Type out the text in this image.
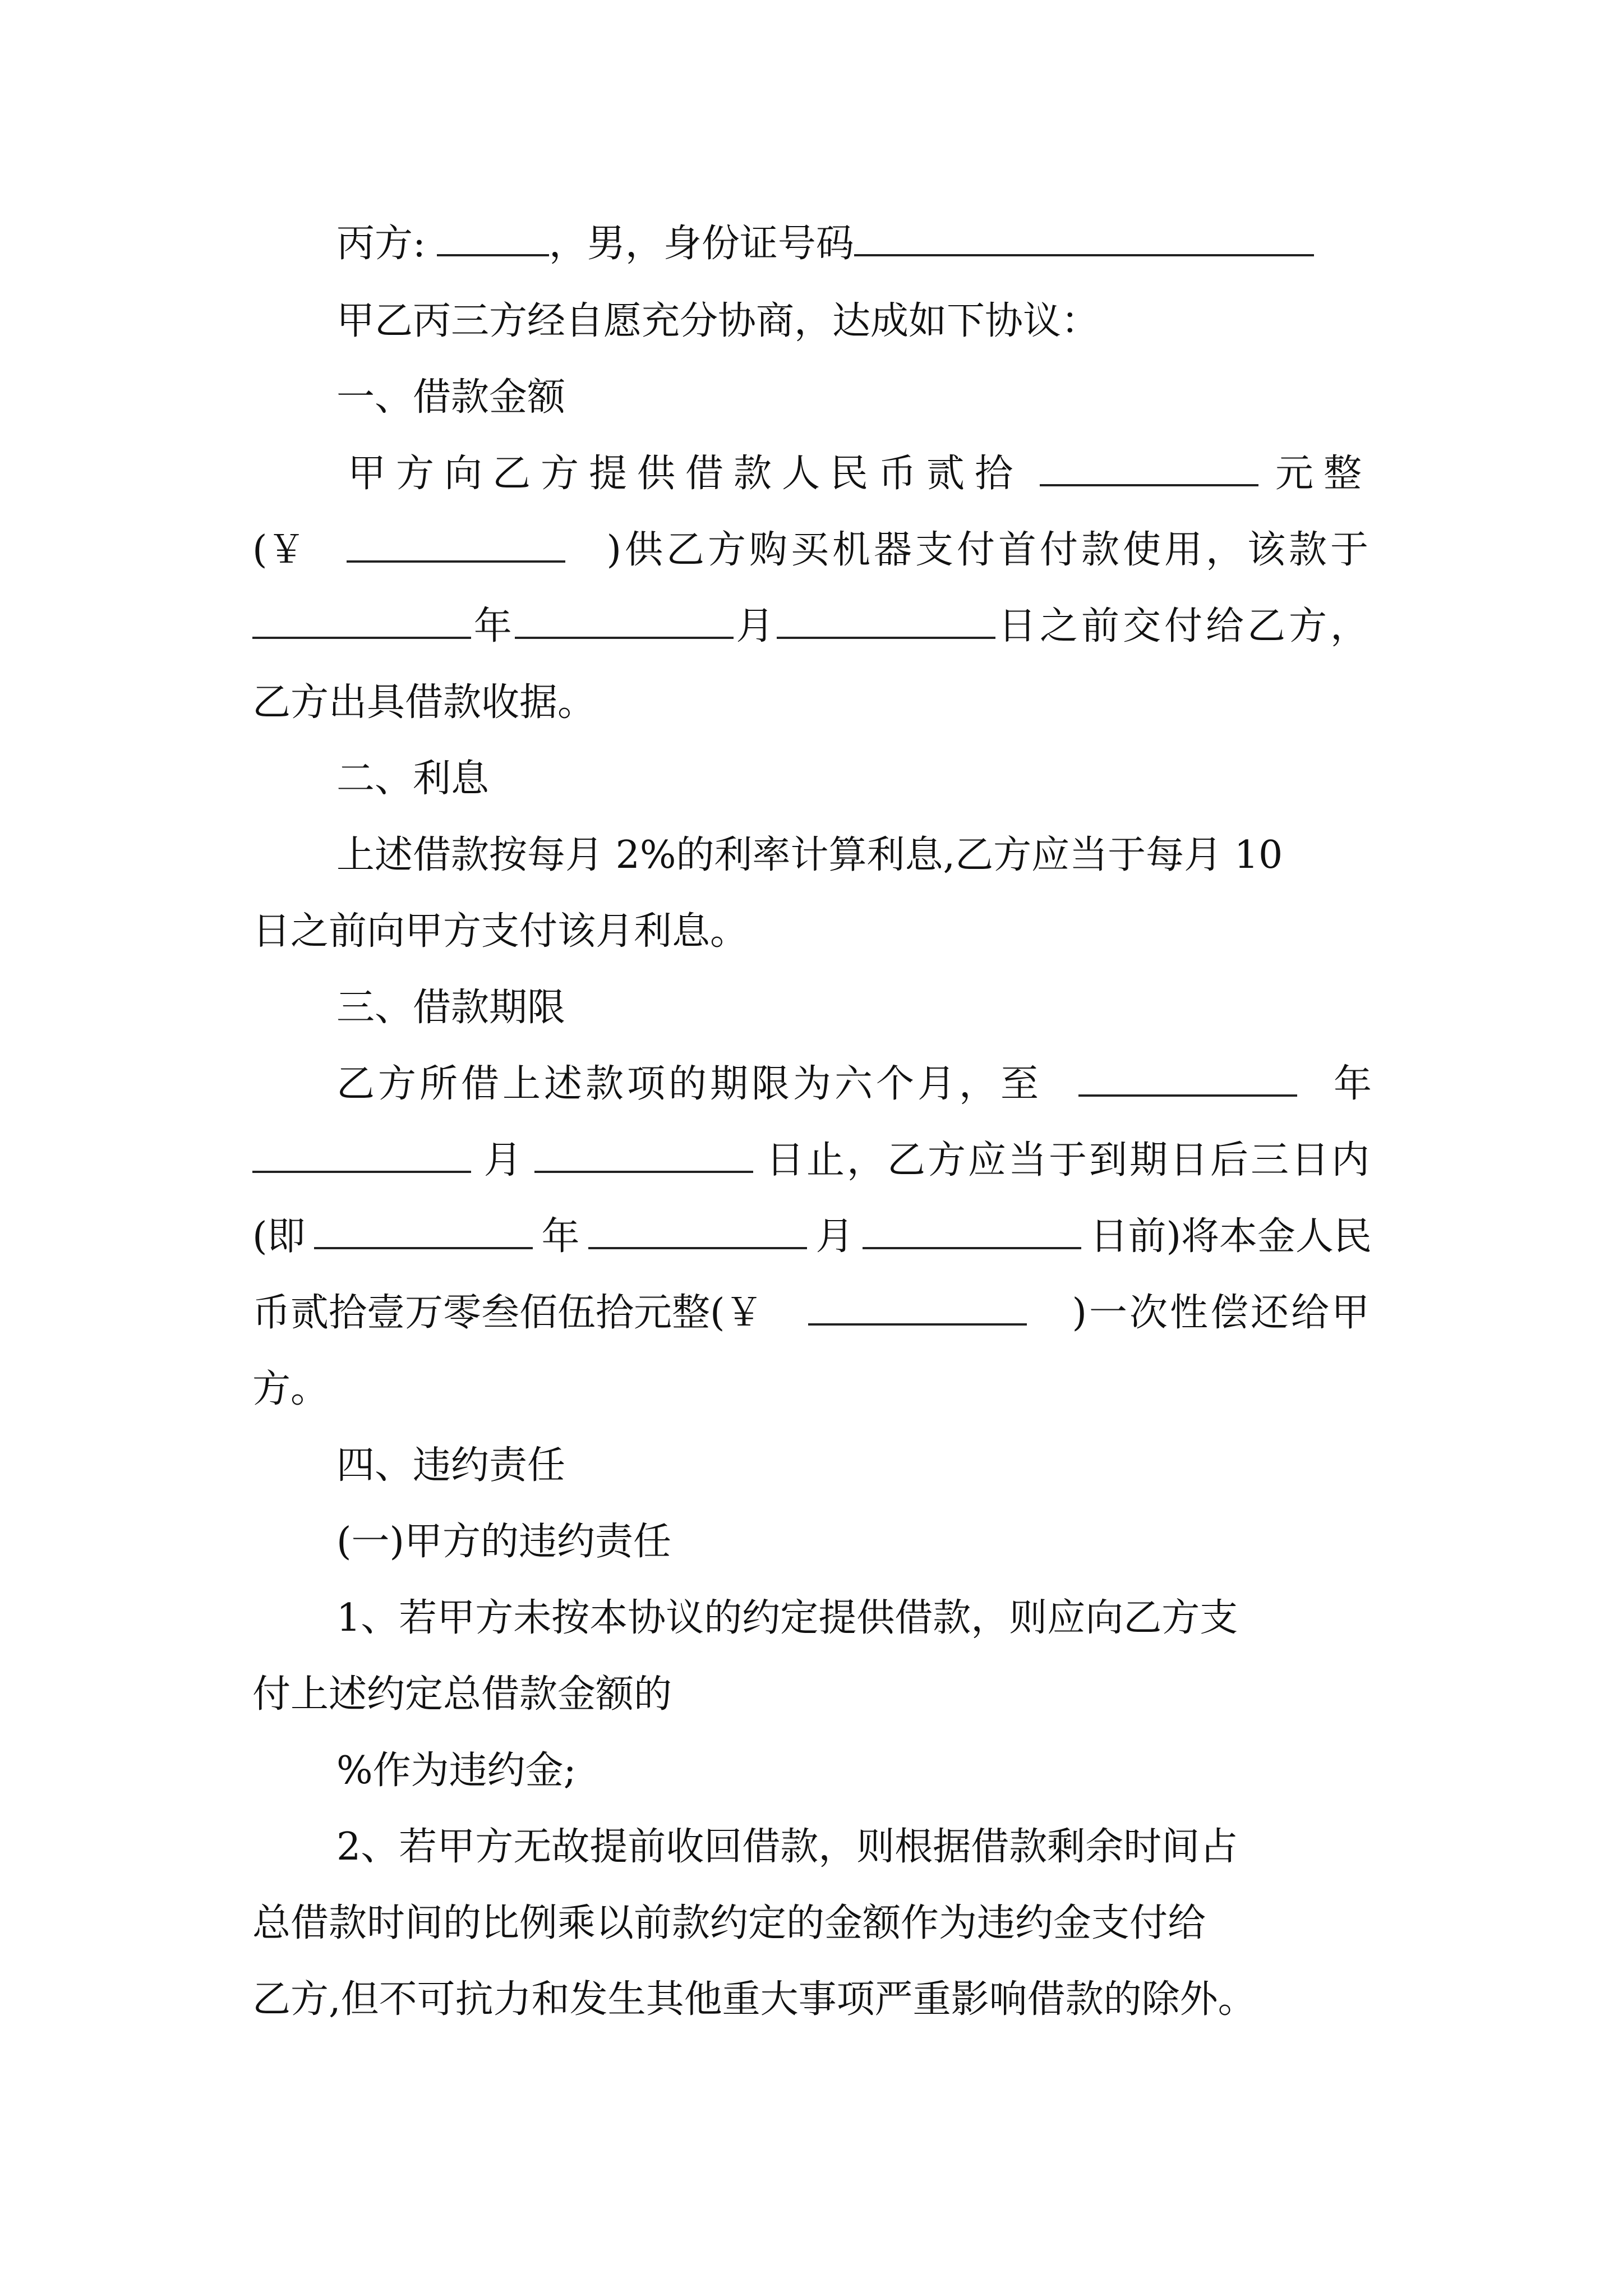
丙方:	，男，身份证号码
甲乙丙三方经自愿充分协商，达成如下协议：
一、借款金额
甲方向乙方提供借款人民币贰拾	元整
(￥	)供乙方购买机器支付首付款使用，该款于
年	月	日之前交付给乙方，
乙方出具借款收据。
二、利息
上述借款按每月 2%的利率计算利息,乙方应当于每月 10
日之前向甲方支付该月利息。
三、借款期限
乙方所借上述款项的期限为六个月，至	年
月	日止，乙方应当于到期日后三日内
(即	年	月	日前)将本金人民
币贰拾壹万零叁佰伍拾元整(￥	)一次性偿还给甲
方。
四、违约责任
(一)甲方的违约责任
1、若甲方未按本协议的约定提供借款，则应向乙方支
付上述约定总借款金额的
%作为违约金;
2、若甲方无故提前收回借款，则根据借款剩余时间占
总借款时间的比例乘以前款约定的金额作为违约金支付给
乙方,但不可抗力和发生其他重大事项严重影响借款的除外。
